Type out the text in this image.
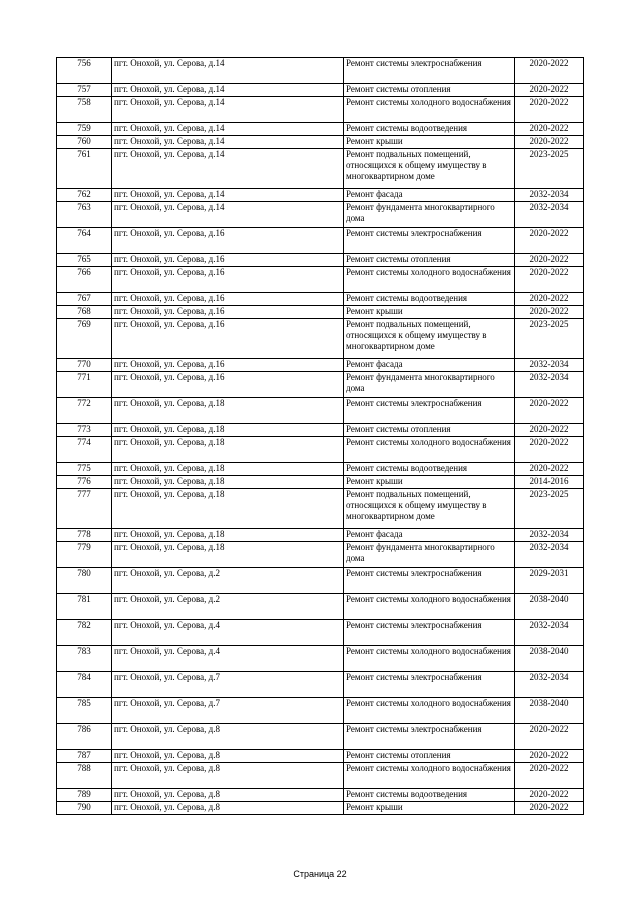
756	пгт. Онохой, ул. Серова, д.14	Ремонт системы электроснабжения	2020-2022
757	пгт. Онохой, ул. Серова, д.14	Ремонт системы отопления	2020-2022
758	пгт. Онохой, ул. Серова, д.14	Ремонт системы холодного водоснабжения	2020-2022
759	пгт. Онохой, ул. Серова, д.14	Ремонт системы водоотведения	2020-2022
760	пгт. Онохой, ул. Серова, д.14	Ремонт крыши	2020-2022
761	пгт. Онохой, ул. Серова, д.14	Ремонт подвальных помещений, относящихся к общему имуществу в многоквартирном доме	2023-2025
762	пгт. Онохой, ул. Серова, д.14	Ремонт фасада	2032-2034
763	пгт. Онохой, ул. Серова, д.14	Ремонт фундамента многоквартирного дома	2032-2034
764	пгт. Онохой, ул. Серова, д.16	Ремонт системы электроснабжения	2020-2022
765	пгт. Онохой, ул. Серова, д.16	Ремонт системы отопления	2020-2022
766	пгт. Онохой, ул. Серова, д.16	Ремонт системы холодного водоснабжения	2020-2022
767	пгт. Онохой, ул. Серова, д.16	Ремонт системы водоотведения	2020-2022
768	пгт. Онохой, ул. Серова, д.16	Ремонт крыши	2020-2022
769	пгт. Онохой, ул. Серова, д.16	Ремонт подвальных помещений, относящихся к общему имуществу в многоквартирном доме	2023-2025
770	пгт. Онохой, ул. Серова, д.16	Ремонт фасада	2032-2034
771	пгт. Онохой, ул. Серова, д.16	Ремонт фундамента многоквартирного дома	2032-2034
772	пгт. Онохой, ул. Серова, д.18	Ремонт системы электроснабжения	2020-2022
773	пгт. Онохой, ул. Серова, д.18	Ремонт системы отопления	2020-2022
774	пгт. Онохой, ул. Серова, д.18	Ремонт системы холодного водоснабжения	2020-2022
775	пгт. Онохой, ул. Серова, д.18	Ремонт системы водоотведения	2020-2022
776	пгт. Онохой, ул. Серова, д.18	Ремонт крыши	2014-2016
777	пгт. Онохой, ул. Серова, д.18	Ремонт подвальных помещений, относящихся к общему имуществу в многоквартирном доме	2023-2025
778	пгт. Онохой, ул. Серова, д.18	Ремонт фасада	2032-2034
779	пгт. Онохой, ул. Серова, д.18	Ремонт фундамента многоквартирного дома	2032-2034
780	пгт. Онохой, ул. Серова, д.2	Ремонт системы электроснабжения	2029-2031
781	пгт. Онохой, ул. Серова, д.2	Ремонт системы холодного водоснабжения	2038-2040
782	пгт. Онохой, ул. Серова, д.4	Ремонт системы электроснабжения	2032-2034
783	пгт. Онохой, ул. Серова, д.4	Ремонт системы холодного водоснабжения	2038-2040
784	пгт. Онохой, ул. Серова, д.7	Ремонт системы электроснабжения	2032-2034
785	пгт. Онохой, ул. Серова, д.7	Ремонт системы холодного водоснабжения	2038-2040
786	пгт. Онохой, ул. Серова, д.8	Ремонт системы электроснабжения	2020-2022
787	пгт. Онохой, ул. Серова, д.8	Ремонт системы отопления	2020-2022
788	пгт. Онохой, ул. Серова, д.8	Ремонт системы холодного водоснабжения	2020-2022
789	пгт. Онохой, ул. Серова, д.8	Ремонт системы водоотведения	2020-2022
790	пгт. Онохой, ул. Серова, д.8	Ремонт крыши	2020-2022
Страница 22
